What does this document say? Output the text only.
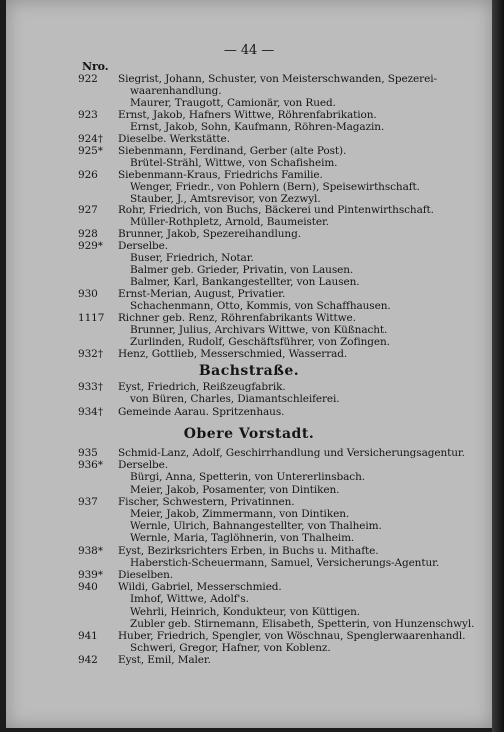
— 44 —
Nro.
922	Siegrist, Johann, Schuster, von Meisterschwanden, Spezerei-
waarenhandlung.
Maurer, Traugott, Camionär, von Rued.
923	Ernst, Jakob, Hafners Wittwe, Röhrenfabrikation.
Ernst, Jakob, Sohn, Kaufmann, Röhren-Magazin.
924†	Dieselbe. Werkstätte.
925*	Siebenmann, Ferdinand, Gerber (alte Post).
Brütel-Strähl, Wittwe, von Schafisheim.
926	Siebenmann-Kraus, Friedrichs Familie.
Wenger, Friedr., von Pohlern (Bern), Speisewirthschaft.
Stauber, J., Amtsrevisor, von Zezwyl.
927	Rohr, Friedrich, von Buchs, Bäckerei und Pintenwirthschaft.
Müller-Rothpletz, Arnold, Baumeister.
928	Brunner, Jakob, Spezereihandlung.
929*	Derselbe.
Buser, Friedrich, Notar.
Balmer geb. Grieder, Privatin, von Lausen.
Balmer, Karl, Bankangestellter, von Lausen.
930	Ernst-Merian, August, Privatier.
Schachenmann, Otto, Kommis, von Schaffhausen.
1117	Richner geb. Renz, Röhrenfabrikants Wittwe.
Brunner, Julius, Archivars Wittwe, von Küßnacht.
Zurlinden, Rudolf, Geschäftsführer, von Zofingen.
932†	Henz, Gottlieb, Messerschmied, Wasserrad.
Bachstraße.
933†	Eyst, Friedrich, Reißzeugfabrik.
von Büren, Charles, Diamantschleiferei.
934†	Gemeinde Aarau. Spritzenhaus.
Obere Vorstadt.
935	Schmid-Lanz, Adolf, Geschirrhandlung und Versicherungsagentur.
936*	Derselbe.
Bürgi, Anna, Spetterin, von Untererlinsbach.
Meier, Jakob, Posamenter, von Dintiken.
937	Fischer, Schwestern, Privatinnen.
Meier, Jakob, Zimmermann, von Dintiken.
Wernle, Ulrich, Bahnangestellter, von Thalheim.
Wernle, Maria, Taglöhnerin, von Thalheim.
938*	Eyst, Bezirksrichters Erben, in Buchs u. Mithafte.
Haberstich-Scheuermann, Samuel, Versicherungs-Agentur.
939*	Dieselben.
940	Wildi, Gabriel, Messerschmied.
Imhof, Wittwe, Adolf's.
Wehrli, Heinrich, Kondukteur, von Küttigen.
Zubler geb. Stirnemann, Elisabeth, Spetterin, von Hunzenschwyl.
941	Huber, Friedrich, Spengler, von Wöschnau, Spenglerwaarenhandl.
Schweri, Gregor, Hafner, von Koblenz.
942	Eyst, Emil, Maler.
